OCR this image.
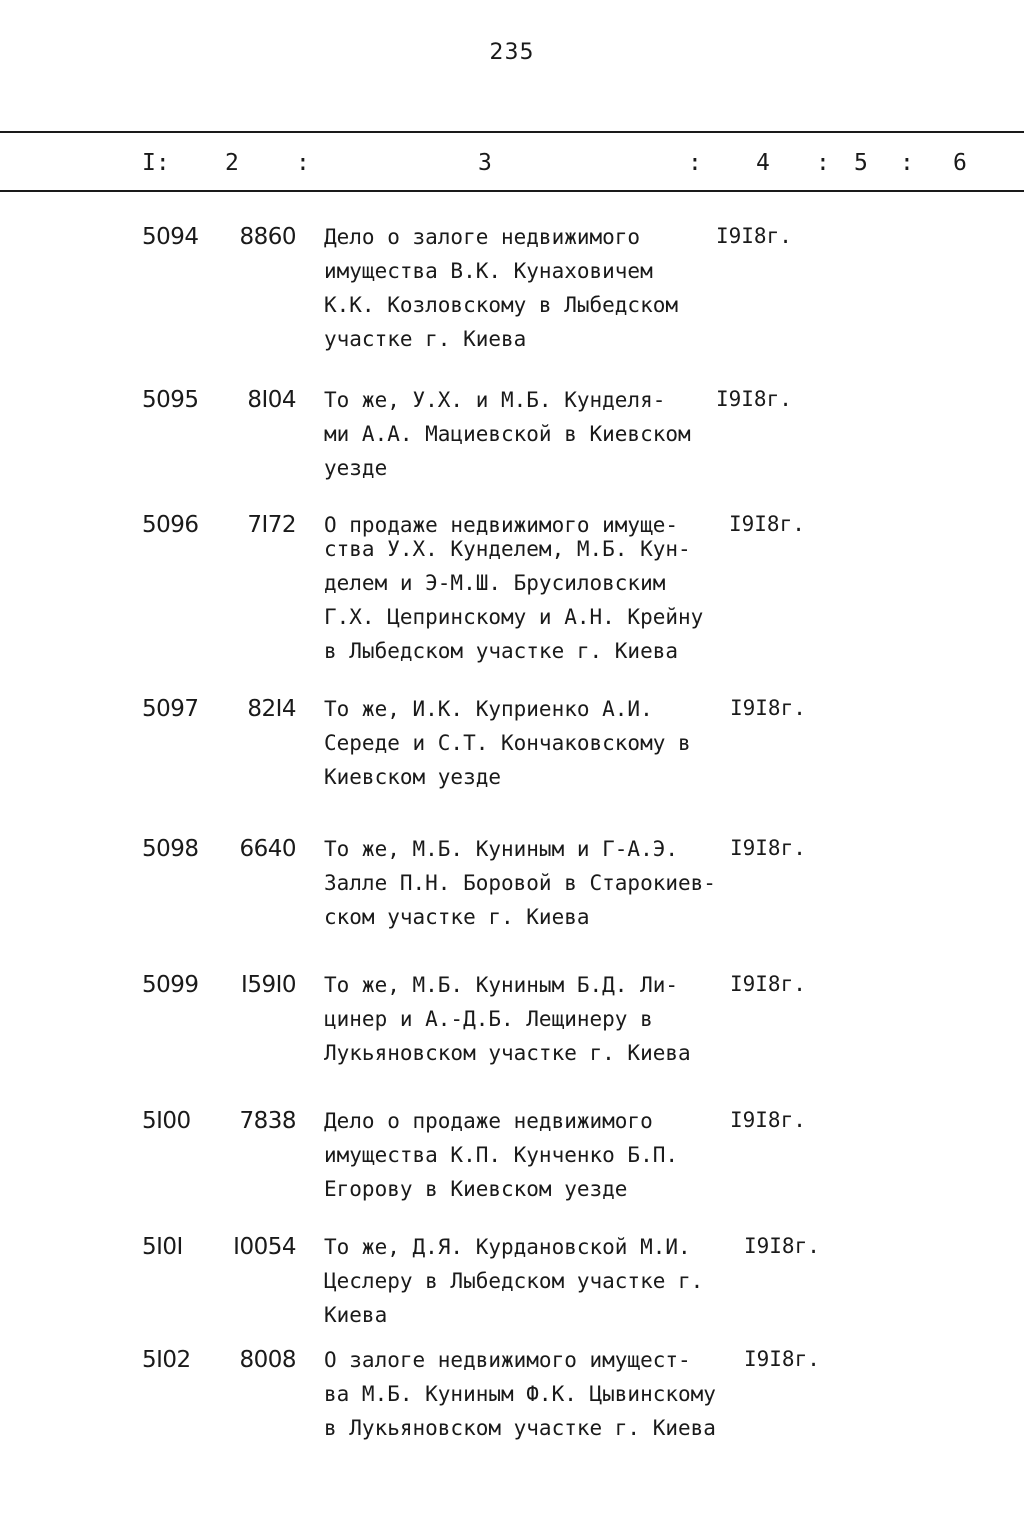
235
I: 2 :	3	: 4 : 5 : 6
5094	8860 Дело о залоге недвижимого
имущества В.К. Кунаховичем
К.К. Козловскому в Лыбедском
участке г. Киева
I9I8г.
5095	8I04 То же, У.Х. и М.Б. Кунделя-
ми А.А. Мациевской в Киевском
уезде
I9I8г.
5096	7I72 О продаже недвижимого имуще-
ства У.Х. Кунделем, М.Б. Кун-
делем и Э-М.Ш. Брусиловским
Г.Х. Цепринскому и А.Н. Крейну
в Лыбедском участке г. Киева
I9I8г.
5097	82I4 То же, И.К. Куприенко А.И.
Середе и С.Т. Кончаковскому в
Киевском уезде
I9I8г.
5098	6640 То же, М.Б. Куниным и Г-А.Э.
Залле П.Н. Боровой в Старокиев-
ском участке г. Киева
I9I8г.
5099	I59I0 То же, М.Б. Куниным Б.Д. Ли-
цинер и А.-Д.Б. Лещинеру в
Лукьяновском участке г. Киева
I9I8г.
5I00	7838 Дело о продаже недвижимого
имущества К.П. Кунченко Б.П.
Егорову в Киевском уезде
I9I8г.
5I0I	I0054 То же, Д.Я. Курдановской М.И.
Цеслеру в Лыбедском участке г.
Киева
I9I8г.
5I02	8008 О залоге недвижимого имущест-
ва М.Б. Куниным Ф.К. Цывинскому
в Лукьяновском участке г. Киева
I9I8г.
